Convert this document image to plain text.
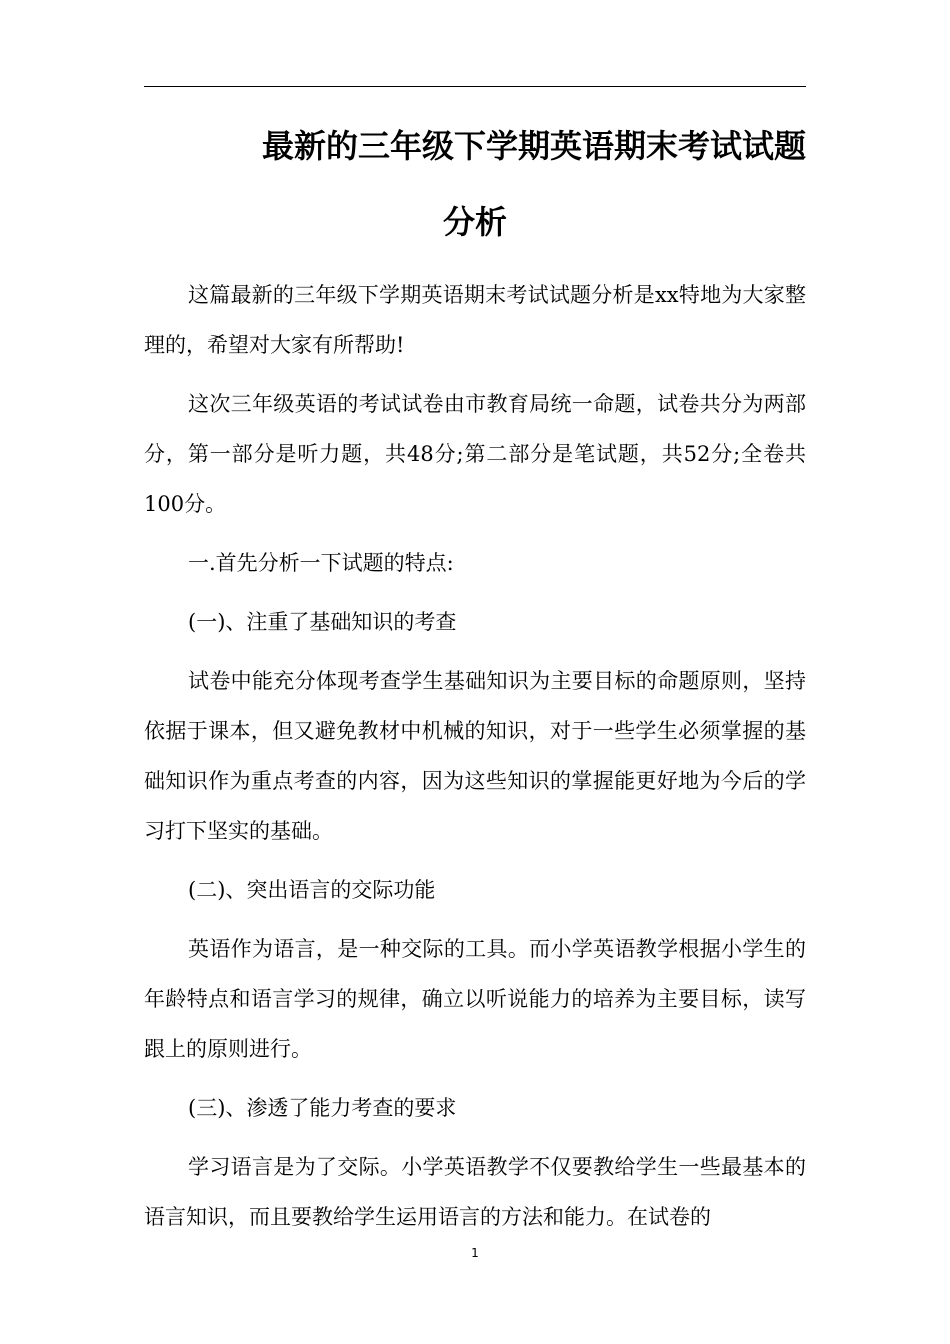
最新的三年级下学期英语期末考试试题
分析

这篇最新的三年级下学期英语期末考试试题分析是xx特地为大家整理的，希望对大家有所帮助!

这次三年级英语的考试试卷由市教育局统一命题，试卷共分为两部分，第一部分是听力题，共48分;第二部分是笔试题，共52分;全卷共100分。

一.首先分析一下试题的特点:

(一)、注重了基础知识的考查

试卷中能充分体现考查学生基础知识为主要目标的命题原则，坚持依据于课本，但又避免教材中机械的知识，对于一些学生必须掌握的基础知识作为重点考查的内容，因为这些知识的掌握能更好地为今后的学习打下坚实的基础。

(二)、突出语言的交际功能

英语作为语言，是一种交际的工具。而小学英语教学根据小学生的年龄特点和语言学习的规律，确立以听说能力的培养为主要目标，读写跟上的原则进行。

(三)、渗透了能力考查的要求

学习语言是为了交际。小学英语教学不仅要教给学生一些最基本的语言知识，而且要教给学生运用语言的方法和能力。在试卷的

1
